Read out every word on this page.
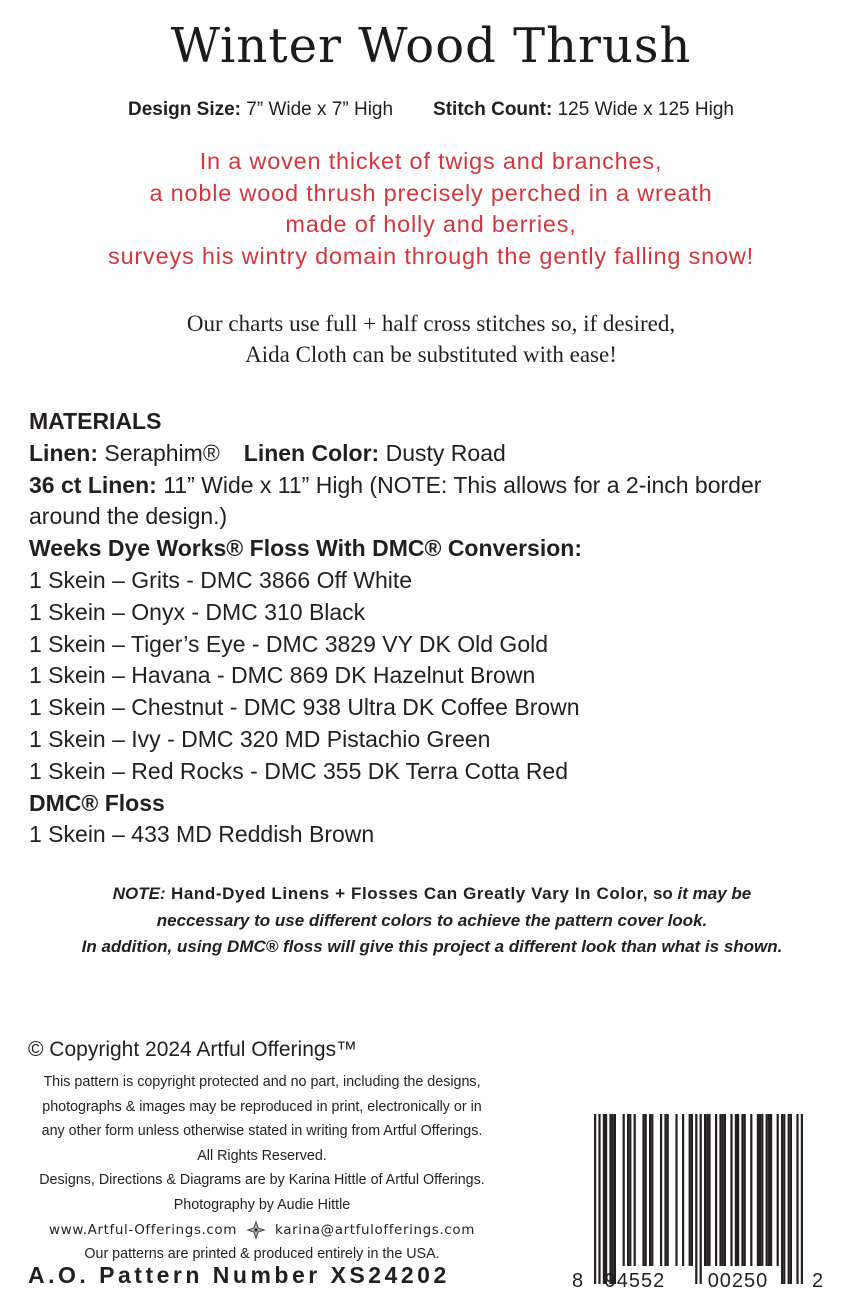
Winter Wood Thrush
Design Size: 7” Wide x 7” High Stitch Count: 125 Wide x 125 High
In a woven thicket of twigs and branches,
a noble wood thrush precisely perched in a wreath
made of holly and berries,
surveys his wintry domain through the gently falling snow!
Our charts use full + half cross stitches so, if desired,
Aida Cloth can be substituted with ease!
MATERIALS
Linen: Seraphim® Linen Color: Dusty Road
36 ct Linen: 11” Wide x 11” High (NOTE: This allows for a 2-inch border
around the design.)
Weeks Dye Works® Floss With DMC® Conversion:
1 Skein – Grits - DMC 3866 Off White
1 Skein – Onyx - DMC 310 Black
1 Skein – Tiger’s Eye - DMC 3829 VY DK Old Gold
1 Skein – Havana - DMC 869 DK Hazelnut Brown
1 Skein – Chestnut - DMC 938 Ultra DK Coffee Brown
1 Skein – Ivy - DMC 320 MD Pistachio Green
1 Skein – Red Rocks - DMC 355 DK Terra Cotta Red
DMC® Floss
1 Skein – 433 MD Reddish Brown
NOTE: Hand-Dyed Linens + Flosses Can Greatly Vary In Color, so it may be
neccessary to use different colors to achieve the pattern cover look.
In addition, using DMC® floss will give this project a different look than what is shown.
© Copyright 2024 Artful Offerings™
This pattern is copyright protected and no part, including the designs,
photographs & images may be reproduced in print, electronically or in
any other form unless otherwise stated in writing from Artful Offerings.
All Rights Reserved.
Designs, Directions & Diagrams are by Karina Hittle of Artful Offerings.
Photography by Audie Hittle
www.Artful-Offerings.com	karina@artfulofferings.com
Our patterns are printed & produced entirely in the USA.
A.O. Pattern Number XS24202	8 94552 00250 2
